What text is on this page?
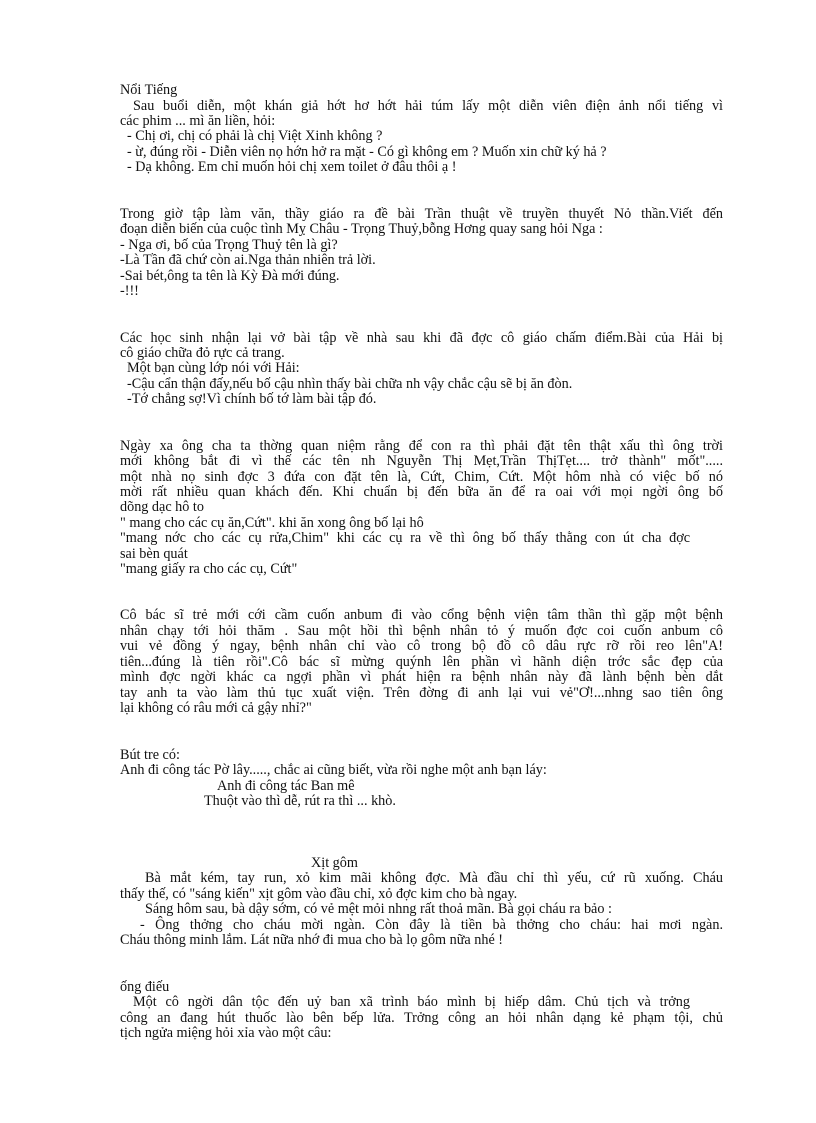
Nổi Tiếng
Sau buổi diễn, một khán giả hớt hơ hớt hải túm lấy một diễn viên điện ảnh nổi tiếng vì
các phim ... mì ăn liền, hỏi:
- Chị ơi, chị có phải là chị Việt Xinh không ?
- ừ, đúng rồi - Diễn viên nọ hớn hở ra mặt - Có gì không em ? Muốn xin chữ ký hả ?
- Dạ không. Em chỉ muốn hỏi chị xem toilet ở đâu thôi ạ !
Trong giờ tập làm văn, thầy giáo ra đề bài Trần thuật về truyền thuyết Nỏ thần.Viết đến
đoạn diễn biến của cuộc tình Mỵ Châu - Trọng Thuỷ,bỗng Hơng quay sang hỏi Nga :
- Nga ơi, bố của Trọng Thuỷ tên là gì?
-Là Tần đã chứ còn ai.Nga thản nhiên trả lời.
-Sai bét,ông ta tên là Kỳ Đà mới đúng.
-!!!
Các học sinh nhận lại vở bài tập về nhà sau khi đã đợc cô giáo chấm điểm.Bài của Hải bị
cô giáo chữa đỏ rực cả trang.
Một bạn cùng lớp nói với Hải:
-Cậu cẩn thận đấy,nếu bố cậu nhìn thấy bài chữa nh vậy chắc cậu sẽ bị ăn đòn.
-Tớ chẳng sợ!Vì chính bố tớ làm bài tập đó.
Ngày xa ông cha ta thờng quan niệm rằng để con ra thì phải đặt tên thật xấu thì ông trời
mới không bắt đi vì thế các tên nh Nguyễn Thị Mẹt,Trần ThịTẹt.... trở thành" mốt".....
một nhà nọ sinh đợc 3 đứa con đặt tên là, Cứt, Chim, Cứt. Một hôm nhà có việc bố nó
mời rất nhiều quan khách đến. Khi chuẩn bị đến bữa ăn để ra oai với mọi ngời ông bố
dõng dạc hô to
" mang cho các cụ ăn,Cứt". khi ăn xong ông bố lại hô
"mang nớc cho các cụ rửa,Chim" khi các cụ ra về thì ông bố thấy thằng con út cha đợc
sai bèn quát
"mang giấy ra cho các cụ, Cứt"
Cô bác sĩ trẻ mới cới cầm cuốn anbum đi vào cổng bệnh viện tâm thần thì gặp một bệnh
nhân chạy tới hỏi thăm . Sau một hồi thì bệnh nhân tỏ ý muốn đợc coi cuốn anbum cô
vui vẻ đồng ý ngay, bệnh nhân chỉ vào cô trong bộ đồ cô dâu rực rỡ rồi reo lên"A!
tiên...đúng là tiên rồi".Cô bác sĩ mừng quýnh lên phần vì hãnh diện trớc sắc đẹp của
mình đợc ngời khác ca ngợi phần vì phát hiện ra bệnh nhân này đã lành bệnh bèn dắt
tay anh ta vào làm thủ tục xuất viện. Trên đờng đi anh lại vui vẻ"Ơ!...nhng sao tiên ông
lại không có râu mới cả gậy nhỉ?"
Bút tre có:
Anh đi công tác Pờ lây....., chắc ai cũng biết, vừa rồi nghe một anh bạn láy:
Anh đi công tác Ban mê
Thuột vào thì dễ, rút ra thì ... khò.
Xịt gôm
Bà mắt kém, tay run, xỏ kim mãi không đợc. Mà đầu chỉ thì yếu, cứ rũ xuống. Cháu
thấy thế, có "sáng kiến" xịt gôm vào đầu chỉ, xỏ đợc kim cho bà ngay.
Sáng hôm sau, bà dậy sớm, có vẻ mệt mỏi nhng rất thoả mãn. Bà gọi cháu ra bảo :
- Ông thởng cho cháu mời ngàn. Còn đây là tiền bà thởng cho cháu: hai mơi ngàn.
Cháu thông minh lắm. Lát nữa nhớ đi mua cho bà lọ gôm nữa nhé !
ống điếu
Một cô ngời dân tộc đến uỷ ban xã trình báo mình bị hiếp dâm. Chủ tịch và trởng
công an đang hút thuốc lào bên bếp lửa. Trởng công an hỏi nhân dạng kẻ phạm tội, chủ
tịch ngửa miệng hỏi xỉa vào một câu:
